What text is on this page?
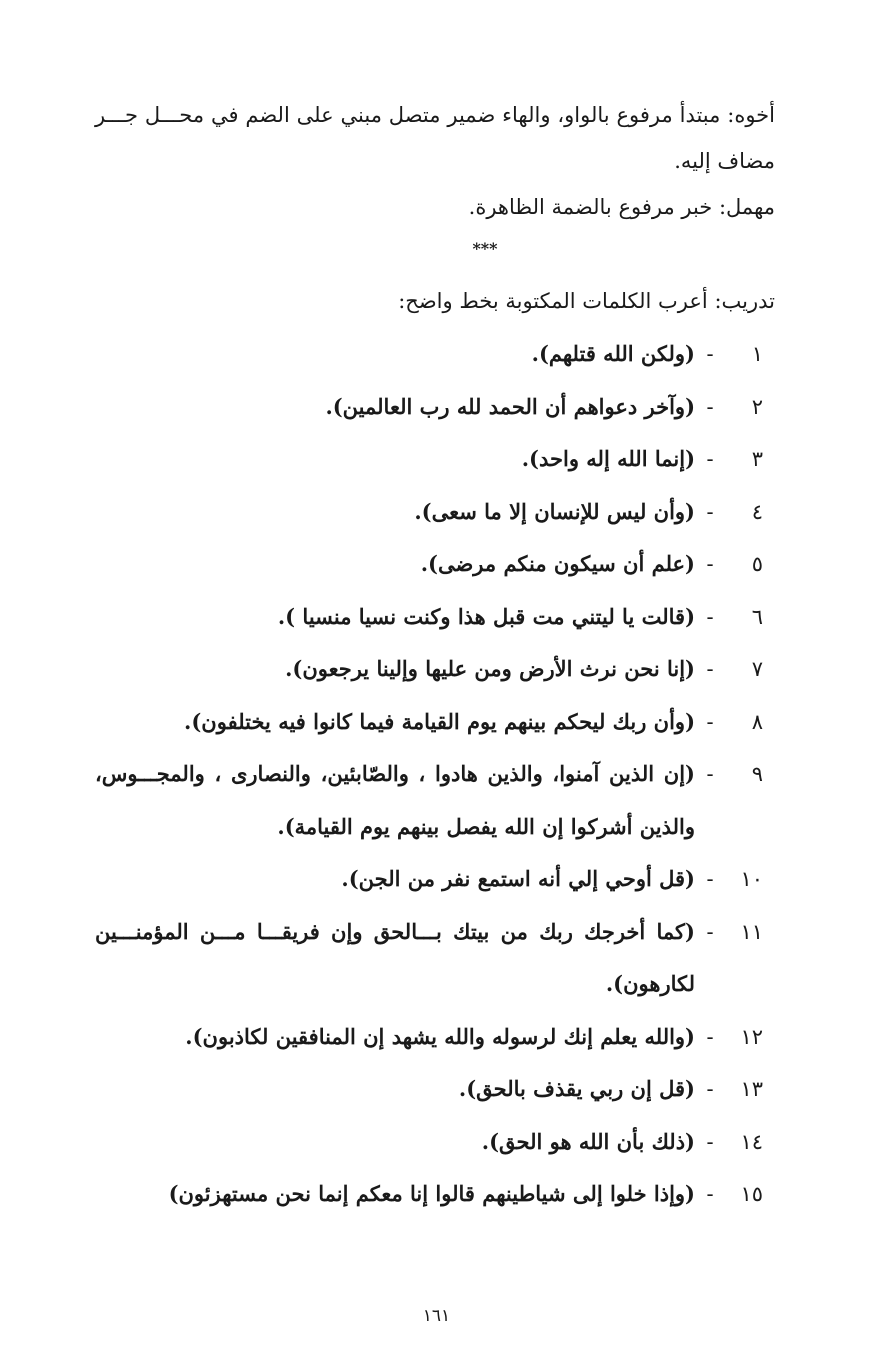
أخوه: مبتدأ مرفوع بالواو، والهاء ضمير متصل مبني على الضم في محـــل جـــر
مضاف إليه.
مهمل: خبر مرفوع بالضمة الظاهرة.
***
تدريب: أعرب الكلمات المكتوبة بخط واضح:
١
-
(ولكن الله قتلهم).
٢
-
(وآخر دعواهم أن الحمد لله رب العالمين).
٣
-
(إنما الله إله واحد).
٤
-
(وأن ليس للإنسان إلا ما سعى).
٥
-
(علم أن سيكون منكم مرضى).
٦
-
(قالت يا ليتني مت قبل هذا وكنت نسيا منسيا ).
٧
-
(إنا نحن نرث الأرض ومن عليها وإلينا يرجعون).
٨
-
(وأن ربك ليحكم بينهم يوم القيامة فيما كانوا فيه يختلفون).
٩
-
(إن الذين آمنوا، والذين هادوا ، والصّابئين، والنصارى ، والمجـــوس،
والذين أشركوا إن الله يفصل بينهم يوم القيامة).
١٠
-
(قل أوحي إلي أنه استمع نفر من الجن).
١١
-
(كما أخرجك ربك من بيتك بـــالحق وإن فريقـــا مـــن المؤمنـــين
لكارهون).
١٢
-
(والله يعلم إنك لرسوله والله يشهد إن المنافقين لكاذبون).
١٣
-
(قل إن ربي يقذف بالحق).
١٤
-
(ذلك بأن الله هو الحق).
١٥
-
(وإذا خلوا إلى شياطينهم قالوا إنا معكم إنما نحن مستهزئون)
١٦١
